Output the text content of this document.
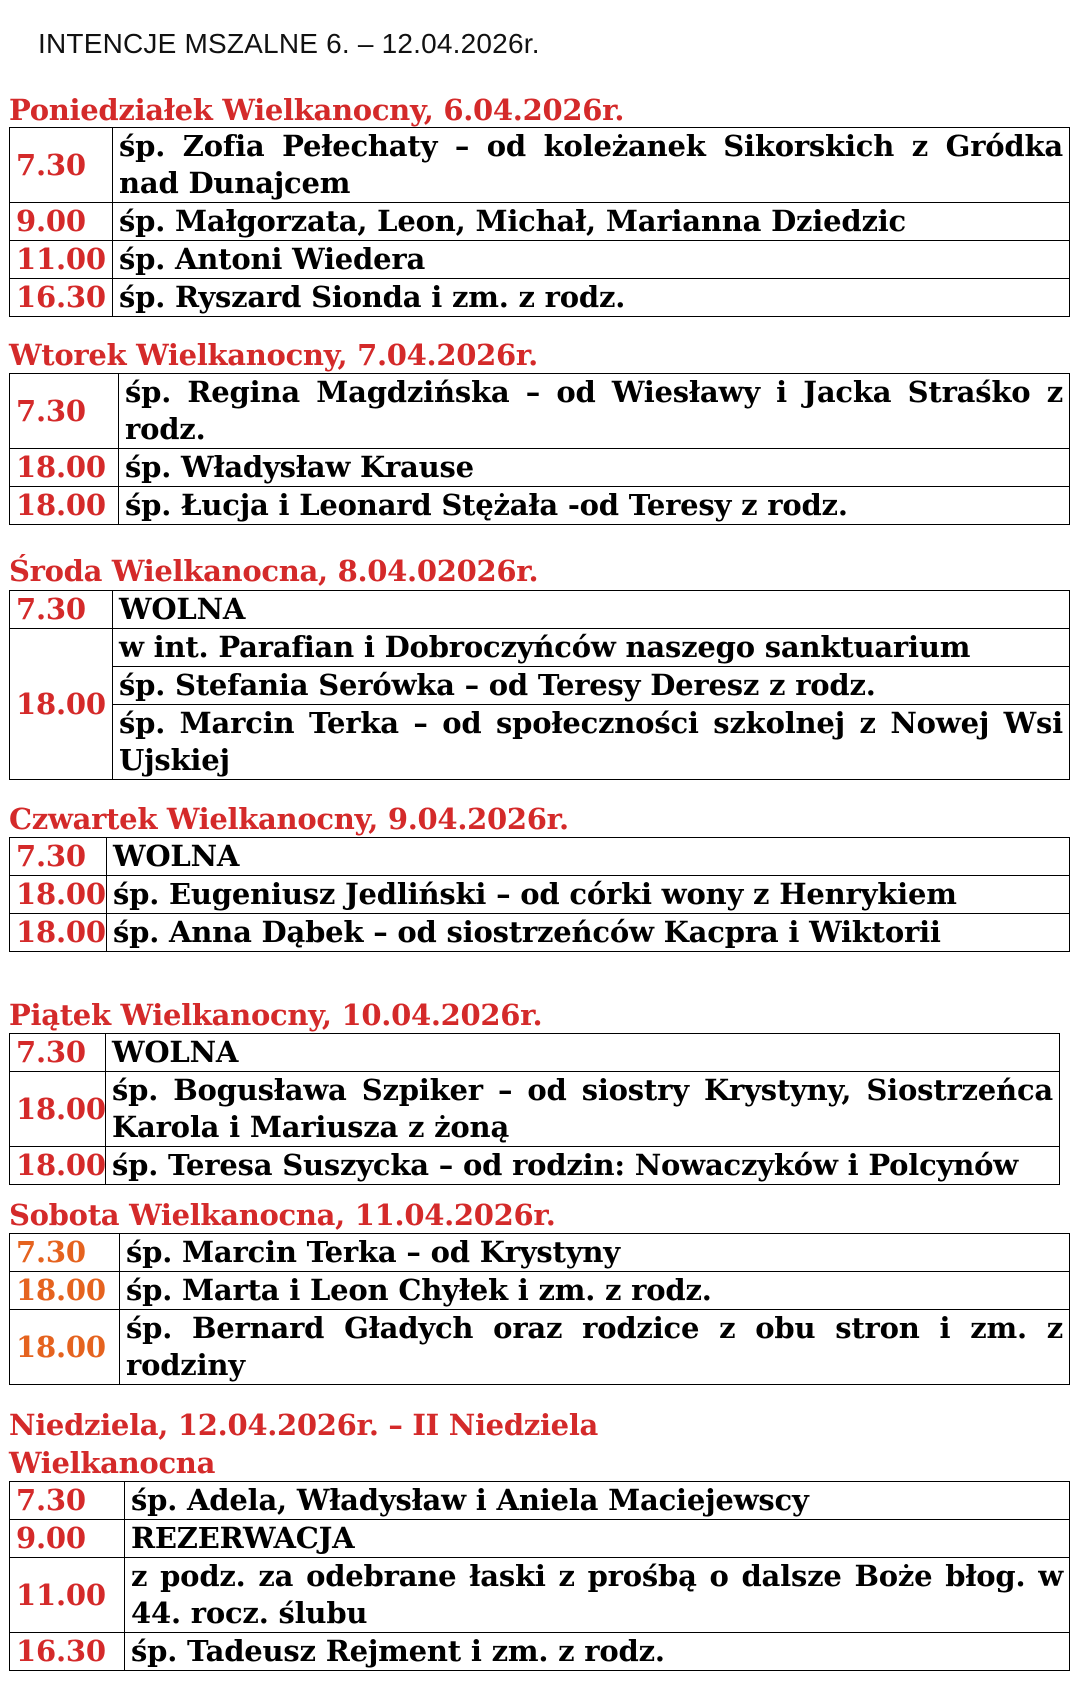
INTENCJE MSZALNE 6. – 12.04.2026r.
Poniedziałek Wielkanocny, 6.04.2026r.
7.30	śp. Zofia Pełechaty – od koleżanek Sikorskich z Gródka nad Dunajcem
9.00	śp. Małgorzata, Leon, Michał, Marianna Dziedzic
11.00	śp. Antoni Wiedera
16.30	śp. Ryszard Sionda i zm. z rodz.
Wtorek Wielkanocny, 7.04.2026r.
7.30	śp. Regina Magdzińska – od Wiesławy i Jacka Straśko z rodz.
18.00	śp. Władysław Krause
18.00	śp. Łucja i Leonard Stężała -od Teresy z rodz.
Środa Wielkanocna, 8.04.02026r.
7.30	WOLNA
18.00	w int. Parafian i Dobroczyńców naszego sanktuarium
	śp. Stefania Serówka – od Teresy Deresz z rodz.
	śp. Marcin Terka – od społeczności szkolnej z Nowej Wsi Ujskiej
Czwartek Wielkanocny, 9.04.2026r.
7.30	WOLNA
18.00	śp. Eugeniusz Jedliński – od córki wony z Henrykiem
18.00	śp. Anna Dąbek – od siostrzeńców Kacpra i Wiktorii
Piątek Wielkanocny, 10.04.2026r.
7.30	WOLNA
18.00	śp. Bogusława Szpiker – od siostry Krystyny, Siostrzeńca Karola i Mariusza z żoną
18.00	śp. Teresa Suszycka – od rodzin: Nowaczyków i Polcynów
Sobota Wielkanocna, 11.04.2026r.
7.30	śp. Marcin Terka – od Krystyny
18.00	śp. Marta i Leon Chyłek i zm. z rodz.
18.00	śp. Bernard Gładych oraz rodzice z obu stron i zm. z rodziny
Niedziela, 12.04.2026r. – II Niedziela
Wielkanocna
7.30	śp. Adela, Władysław i Aniela Maciejewscy
9.00	REZERWACJA
11.00	z podz. za odebrane łaski z prośbą o dalsze Boże błog. w 44. rocz. ślubu
16.30	śp. Tadeusz Rejment i zm. z rodz.
